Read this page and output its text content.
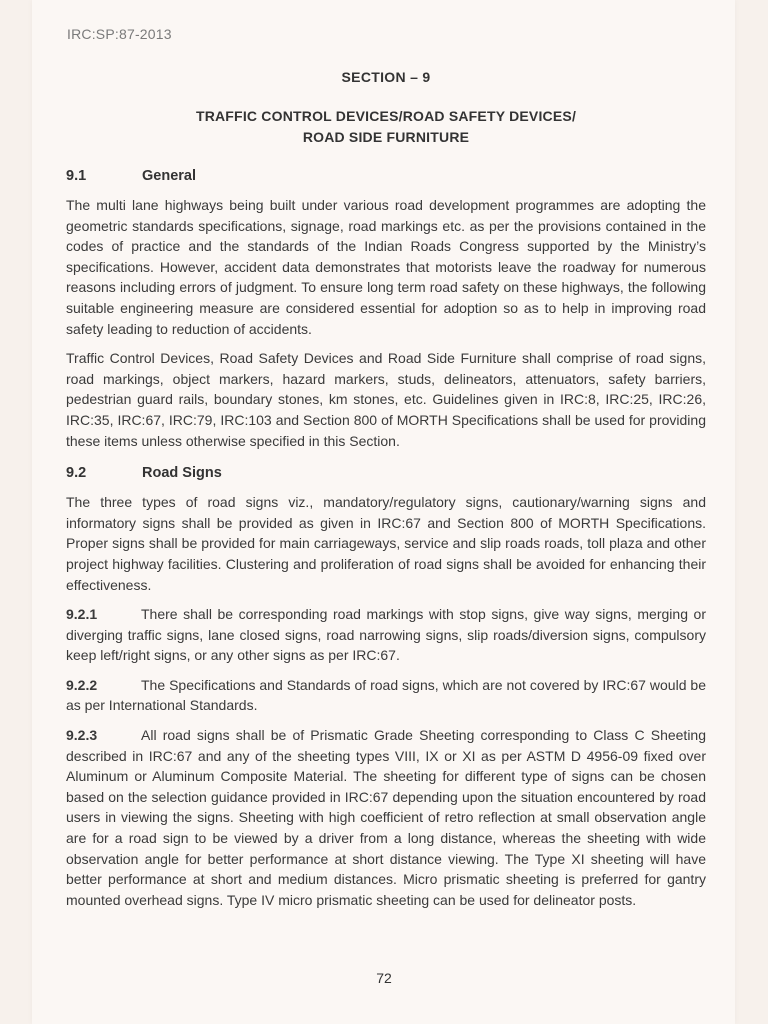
IRC:SP:87-2013
SECTION – 9
TRAFFIC CONTROL DEVICES/ROAD SAFETY DEVICES/
ROAD SIDE FURNITURE
9.1	General

The multi lane highways being built under various road development programmes are adopting the geometric standards specifications, signage, road markings etc. as per the provisions contained in the codes of practice and the standards of the Indian Roads Congress supported by the Ministry’s specifications. However, accident data demonstrates that motorists leave the roadway for numerous reasons including errors of judgment. To ensure long term road safety on these highways, the following suitable engineering measure are considered essential for adoption so as to help in improving road safety leading to reduction of accidents.

Traffic Control Devices, Road Safety Devices and Road Side Furniture shall comprise of road signs, road markings, object markers, hazard markers, studs, delineators, attenuators, safety barriers, pedestrian guard rails, boundary stones, km stones, etc. Guidelines given in IRC:8, IRC:25, IRC:26, IRC:35, IRC:67, IRC:79, IRC:103 and Section 800 of MORTH Specifications shall be used for providing these items unless otherwise specified in this Section.

9.2	Road Signs

The three types of road signs viz., mandatory/regulatory signs, cautionary/warning signs and informatory signs shall be provided as given in IRC:67 and Section 800 of MORTH Specifications. Proper signs shall be provided for main carriageways, service and slip roads roads, toll plaza and other project highway facilities. Clustering and proliferation of road signs shall be avoided for enhancing their effectiveness.

9.2.1	There shall be corresponding road markings with stop signs, give way signs, merging or diverging traffic signs, lane closed signs, road narrowing signs, slip roads/diversion signs, compulsory keep left/right signs, or any other signs as per IRC:67.

9.2.2	The Specifications and Standards of road signs, which are not covered by IRC:67 would be as per International Standards.

9.2.3	All road signs shall be of Prismatic Grade Sheeting corresponding to Class C Sheeting described in IRC:67 and any of the sheeting types VIII, IX or XI as per ASTM D 4956-09 fixed over Aluminum or Aluminum Composite Material. The sheeting for different type of signs can be chosen based on the selection guidance provided in IRC:67 depending upon the situation encountered by road users in viewing the signs. Sheeting with high coefficient of retro reflection at small observation angle are for a road sign to be viewed by a driver from a long distance, whereas the sheeting with wide observation angle for better performance at short distance viewing. The Type XI sheeting will have better performance at short and medium distances. Micro prismatic sheeting is preferred for gantry mounted overhead signs. Type IV micro prismatic sheeting can be used for delineator posts.

72
